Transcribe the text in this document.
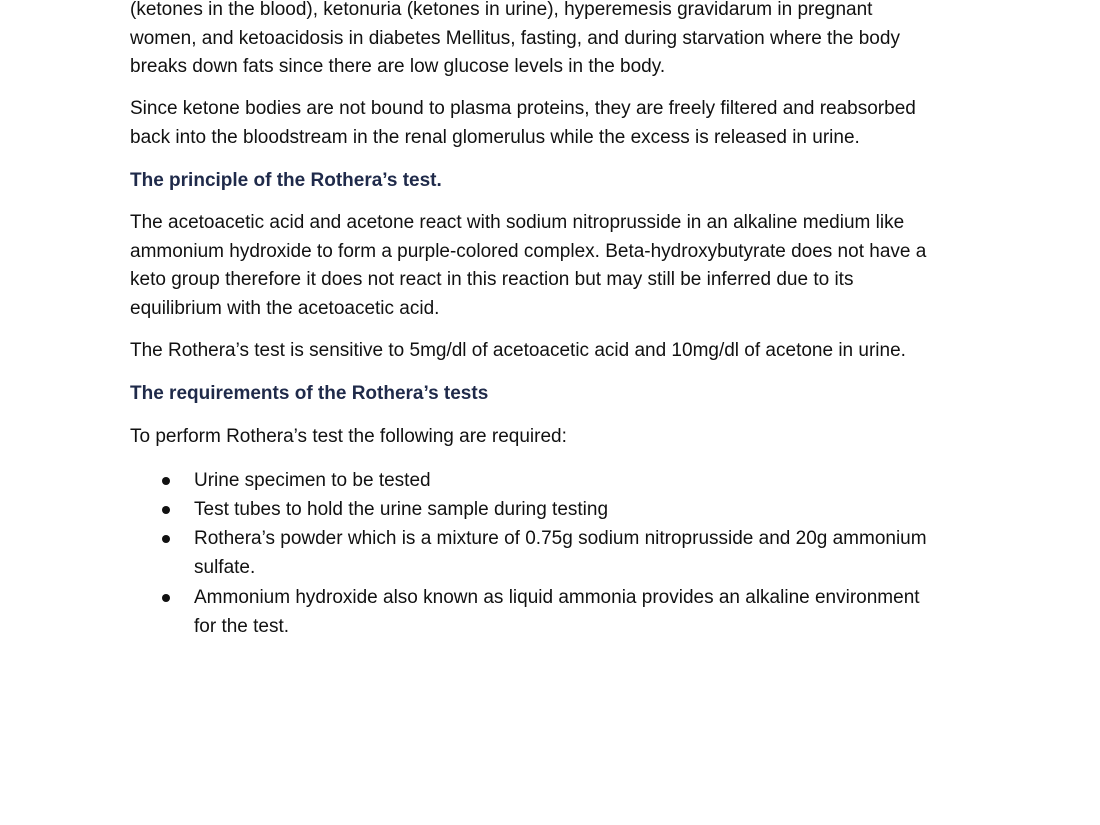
(ketones in the blood), ketonuria (ketones in urine), hyperemesis gravidarum in pregnant
women, and ketoacidosis in diabetes Mellitus, fasting, and during starvation where the body
breaks down fats since there are low glucose levels in the body.

Since ketone bodies are not bound to plasma proteins, they are freely filtered and reabsorbed
back into the bloodstream in the renal glomerulus while the excess is released in urine.

The principle of the Rothera’s test.

The acetoacetic acid and acetone react with sodium nitroprusside in an alkaline medium like
ammonium hydroxide to form a purple-colored complex. Beta-hydroxybutyrate does not have a
keto group therefore it does not react in this reaction but may still be inferred due to its
equilibrium with the acetoacetic acid.

The Rothera’s test is sensitive to 5mg/dl of acetoacetic acid and 10mg/dl of acetone in urine.

The requirements of the Rothera’s tests

To perform Rothera’s test the following are required:

Urine specimen to be tested
Test tubes to hold the urine sample during testing
Rothera’s powder which is a mixture of 0.75g sodium nitroprusside and 20g ammonium
sulfate.
Ammonium hydroxide also known as liquid ammonia provides an alkaline environment
for the test.
